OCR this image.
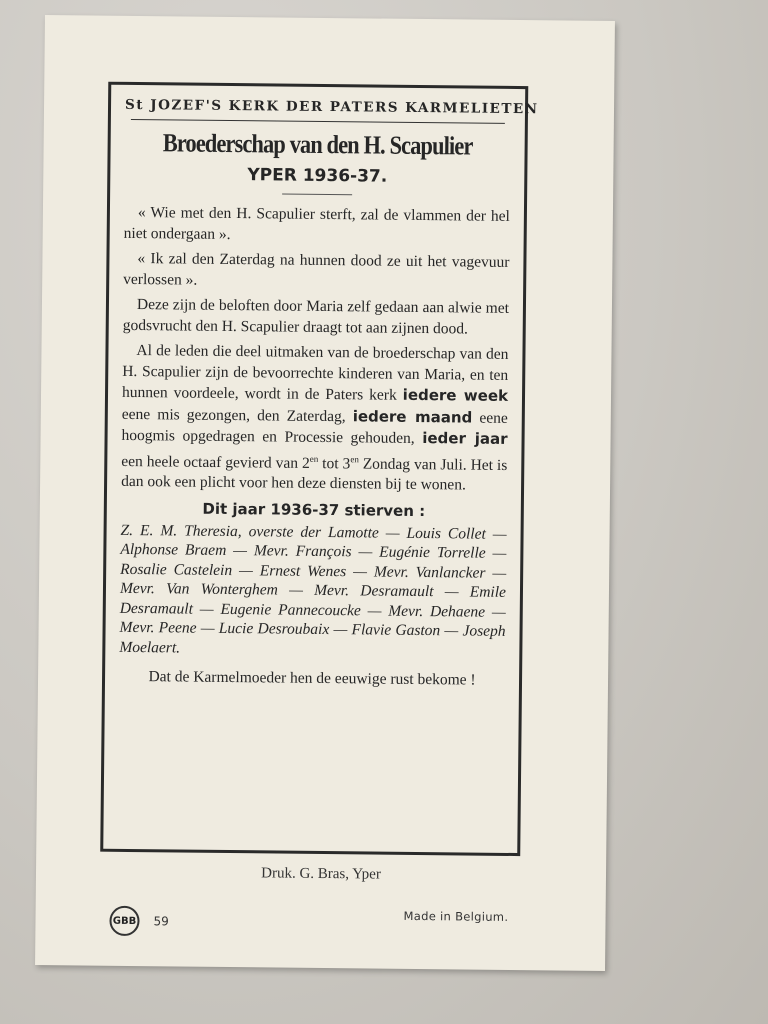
St JOZEF'S KERK DER PATERS KARMELIETEN
Broederschap van den H. Scapulier
YPER 1936-37.

« Wie met den H. Scapulier sterft, zal de vlammen der hel niet ondergaan ».

« Ik zal den Zaterdag na hunnen dood ze uit het vagevuur verlossen ».

Deze zijn de beloften door Maria zelf gedaan aan alwie met godsvrucht den H. Scapulier draagt tot aan zijnen dood.

Al de leden die deel uitmaken van de broederschap van den H. Scapulier zijn de bevoorrechte kinderen van Maria, en ten hunnen voordeele, wordt in de Paters kerk iedere week eene mis gezongen, den Zaterdag, iedere maand eene hoogmis opgedragen en Processie gehouden, ieder jaar een heele octaaf gevierd van $2^{en}$ tot $3^{en}$ Zondag van Juli. Het is dan ook een plicht voor hen deze diensten bij te wonen.

Dit jaar 1936-37 stierven :

Z. E. M. Theresia, overste der Lamotte — Louis Collet — Alphonse Braem — Mevr. François — Eugénie Torrelle — Rosalie Castelein — Ernest Wenes — Mevr. Vanlancker — Mevr. Van Wonterghem — Mevr. Desramault — Emile Desramault — Eugenie Pannecoucke — Mevr. Dehaene — Mevr. Peene — Lucie Desroubaix — Flavie Gaston — Joseph Moelaert.

Dat de Karmelmoeder hen de eeuwige rust bekome !
Druk. G. Bras, Yper
GBB 59	Made in Belgium.
